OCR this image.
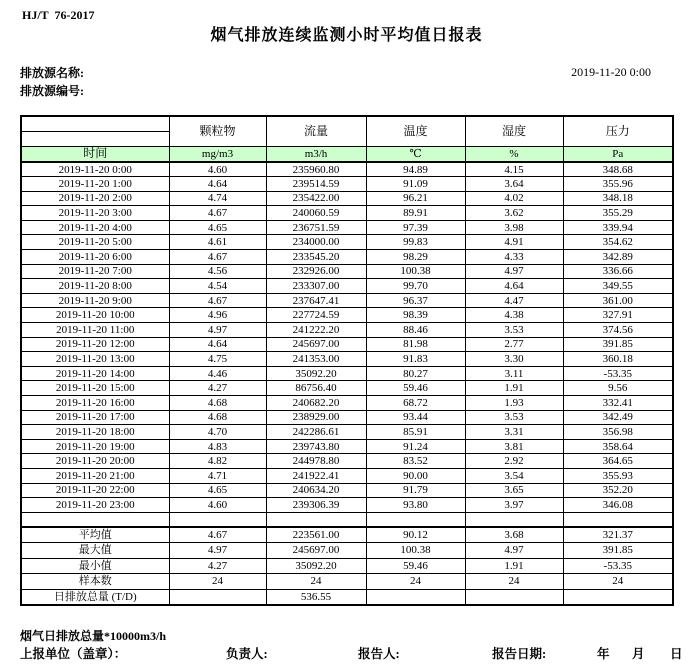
HJ/T  76-2017
烟气排放连续监测小时平均值日报表
排放源名称:
排放源编号:
2019-11-20 0:00
	颗粒物	流量	温度	湿度	压力

时间	mg/m3	m3/h	℃	%	Pa
2019-11-20 0:00	4.60	235960.80	94.89	4.15	348.68
2019-11-20 1:00	4.64	239514.59	91.09	3.64	355.96
2019-11-20 2:00	4.74	235422.00	96.21	4.02	348.18
2019-11-20 3:00	4.67	240060.59	89.91	3.62	355.29
2019-11-20 4:00	4.65	236751.59	97.39	3.98	339.94
2019-11-20 5:00	4.61	234000.00	99.83	4.91	354.62
2019-11-20 6:00	4.67	233545.20	98.29	4.33	342.89
2019-11-20 7:00	4.56	232926.00	100.38	4.97	336.66
2019-11-20 8:00	4.54	233307.00	99.70	4.64	349.55
2019-11-20 9:00	4.67	237647.41	96.37	4.47	361.00
2019-11-20 10:00	4.96	227724.59	98.39	4.38	327.91
2019-11-20 11:00	4.97	241222.20	88.46	3.53	374.56
2019-11-20 12:00	4.64	245697.00	81.98	2.77	391.85
2019-11-20 13:00	4.75	241353.00	91.83	3.30	360.18
2019-11-20 14:00	4.46	35092.20	80.27	3.11	-53.35
2019-11-20 15:00	4.27	86756.40	59.46	1.91	9.56
2019-11-20 16:00	4.68	240682.20	68.72	1.93	332.41
2019-11-20 17:00	4.68	238929.00	93.44	3.53	342.49
2019-11-20 18:00	4.70	242286.61	85.91	3.31	356.98
2019-11-20 19:00	4.83	239743.80	91.24	3.81	358.64
2019-11-20 20:00	4.82	244978.80	83.52	2.92	364.65
2019-11-20 21:00	4.71	241922.41	90.00	3.54	355.93
2019-11-20 22:00	4.65	240634.20	91.79	3.65	352.20
2019-11-20 23:00	4.60	239306.39	93.80	3.97	346.08

平均值	4.67	223561.00	90.12	3.68	321.37
最大值	4.97	245697.00	100.38	4.97	391.85
最小值	4.27	35092.20	59.46	1.91	-53.35
样本数	24	24	24	24	24
日排放总量 (T/D)		536.55			
烟气日排放总量*10000m3/h
上报单位（盖章）：	负责人:	报告人:	报告日期:	年 月 日
